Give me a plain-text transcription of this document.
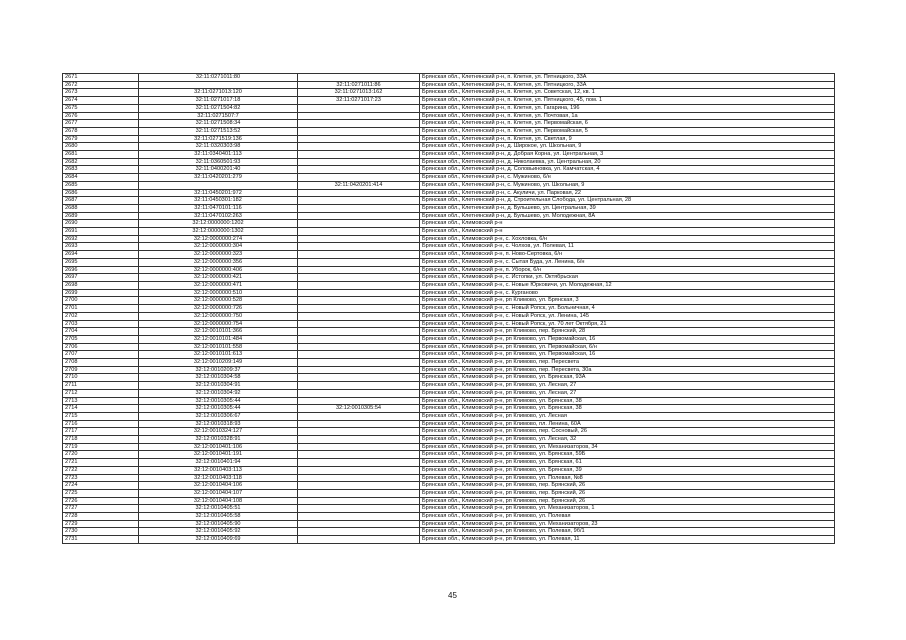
2671	32:11:0271011:80		Брянская обл., Клетнянский р-н, п. Клетня, ул. Пятницкого, 33А
2672		32:11:0271011:86	Брянская обл., Клетнянский р-н, п. Клетня, ул. Пятницкого, 33А
2673	32:11:0271013:120	32:11:0271013:162	Брянская обл., Клетнянский р-н, п. Клетня, ул. Советская, 12, кв. 1
2674	32:11:0271017:18	32:11:0271017:23	Брянская обл., Клетнянский р-н, п. Клетня, ул. Пятницкого, 45, пом. 1
2675	32:11:0271504:82		Брянская обл., Клетнянский р-н, п. Клетня, ул. Гагарина, 196
2676	32:11:0271507:7		Брянская обл., Клетнянский р-н, п. Клетня, ул. Почтовая, 1а
2677	32:11:0271508:34		Брянская обл., Клетнянский р-н, п. Клетня, ул. Первомайская, 6
2678	32:11:0271513:52		Брянская обл., Клетнянский р-н, п. Клетня, ул. Первомайская, 5
2679	32:11:0271519:136		Брянская обл., Клетнянский р-н, п. Клетня, ул. Светлая, 9
2680	32:11:0320303:98		Брянская обл., Клетнянский р-н, д. Широкое, ул. Школьная, 9
2681	32:11:0340401:113		Брянская обл., Клетнянский р-н, д. Добрая Корна, ул. Центральная, 3
2682	32:11:0360501:93		Брянская обл., Клетнянский р-н, д. Николаевка, ул. Центральная, 20
2683	32:11:0400201:40		Брянская обл., Клетнянский р-н, д. Соловьиновка, ул. Камчатская, 4
2684	32:11:0420201:279		Брянская обл., Клетнянский р-н, с. Мужиново, 6/н
2685		32:11:0420201:414	Брянская обл., Клетнянский р-н, с. Мужиново, ул. Школьная, 9
2686	32:11:0450201:972		Брянская обл., Клетнянский р-н, с. Акуличи, ул. Парковая, 22
2687	32:11:0450301:182		Брянская обл., Клетнянский р-н, д. Строительная Слобода, ул. Центральная, 28
2688	32:11:0470101:116		Брянская обл., Клетнянский р-н, д. Бульшево, ул. Центральная, 39
2689	32:11:0470102:263		Брянская обл., Клетнянский р-н, д. Бульшево, ул. Молодежная, 8А
2690	32:12:0000000:1202		Брянская обл., Климовский р-н
2691	32:12:0000000:1302		Брянская обл., Климовский р-н
2692	32:12:0000000:274		Брянская обл., Климовский р-н, с. Хохловка, 6/н
2693	32:12:0000000:304		Брянская обл., Климовский р-н, с. Чолхов, ул. Полевая, 11
2694	32:12:0000000:323		Брянская обл., Климовский р-н, п. Ново-Сертовка, 6/н
2695	32:12:0000000:356		Брянская обл., Климовский р-н, с. Сытая Буда, ул. Ленина, 6/н
2696	32:12:0000000:406		Брянская обл., Климовский р-н, п. Уборок, 6/н
2697	32:12:0000000:421		Брянская обл., Климовский р-н, с. Истопки, ул. Октябрьская
2698	32:12:0000000:471		Брянская обл., Климовский р-н, с. Новые Юрковичи, ул. Молодежная, 12
2699	32:12:0000000:510		Брянская обл., Климовский р-н, с. Курганово
2700	32:12:0000000:528		Брянская обл., Климовский р-н, рп Климово, ул. Брянская, 3
2701	32:12:0000000:726		Брянская обл., Климовский р-н, с. Новый Ропск, ул. Больничная, 4
2702	32:12:0000000:750		Брянская обл., Климовский р-н, с. Новый Ропск, ул. Ленина, 145
2703	32:12:0000000:754		Брянская обл., Климовский р-н, с. Новый Ропск, ул. 70 лет Октября, 21
2704	32:12:0010101:366		Брянская обл., Климовский р-н, рп Климово, пер. Брянский, 28
2705	32:12:0010101:484		Брянская обл., Климовский р-н, рп Климово, ул. Первомайская, 16
2706	32:12:0010101:558		Брянская обл., Климовский р-н, рп Климово, ул. Первомайская, 6/н
2707	32:12:0010101:613		Брянская обл., Климовский р-н, рп Климово, ул. Первомайская, 16
2708	32:12:0010209:149		Брянская обл., Климовский р-н, рп Климово, пер. Пересвета
2709	32:12:0010209:37		Брянская обл., Климовский р-н, рп Климово, пер. Пересвета, 30а
2710	32:12:0010304:58		Брянская обл., Климовский р-н, рп Климово, ул. Брянская, 93А
2711	32:12:0010304:91		Брянская обл., Климовский р-н, рп Климово, ул. Лесная, 27
2712	32:12:0010304:92		Брянская обл., Климовский р-н, рп Климово, ул. Лесная, 27
2713	32:12:0010305:44		Брянская обл., Климовский р-н, рп Климово, ул. Брянская, 38
2714	32:12:0010305:44	32:12:0010305:54	Брянская обл., Климовский р-н, рп Климово, ул. Брянская, 38
2715	32:12:0010306:67		Брянская обл., Климовский р-н, рп Климово, ул. Лесная
2716	32:12:0010318:93		Брянская обл., Климовский р-н, рп Климово, пл. Ленина, 60А
2717	32:12:0010324:127		Брянская обл., Климовский р-н, рп Климово, пер. Сосновый, 26
2718	32:12:0010328:91		Брянская обл., Климовский р-н, рп Климово, ул. Лесная, 32
2719	32:12:0010401:106		Брянская обл., Климовский р-н, рп Климово, ул. Механизаторов, 34
2720	32:12:0010401:191		Брянская обл., Климовский р-н, рп Климово, ул. Брянская, 59Б
2721	32:12:0010401:94		Брянская обл., Климовский р-н, рп Климово, ул. Брянская, 61
2722	32:12:0010403:113		Брянская обл., Климовский р-н, рп Климово, ул. Брянская, 39
2723	32:12:0010403:118		Брянская обл., Климовский р-н, рп Климово, ул. Полевая, №8
2724	32:12:0010404:106		Брянская обл., Климовский р-н, рп Климово, пер. Брянский, 26
2725	32:12:0010404:107		Брянская обл., Климовский р-н, рп Климово, пер. Брянский, 26
2726	32:12:0010404:108		Брянская обл., Климовский р-н, рп Климово, пер. Брянский, 26
2727	32:12:0010405:51		Брянская обл., Климовский р-н, рп Климово, ул. Механизаторов, 1
2728	32:12:0010405:58		Брянская обл., Климовский р-н, рп Климово, ул. Полевая
2729	32:12:0010405:90		Брянская обл., Климовский р-н, рп Климово, ул. Механизаторов, 23
2730	32:12:0010405:92		Брянская обл., Климовский р-н, рп Климово, ул. Полевая, 9б/1
2731	32:12:0010409:69		Брянская обл., Климовский р-н, рп Климово, ул. Полевая, 11
45
